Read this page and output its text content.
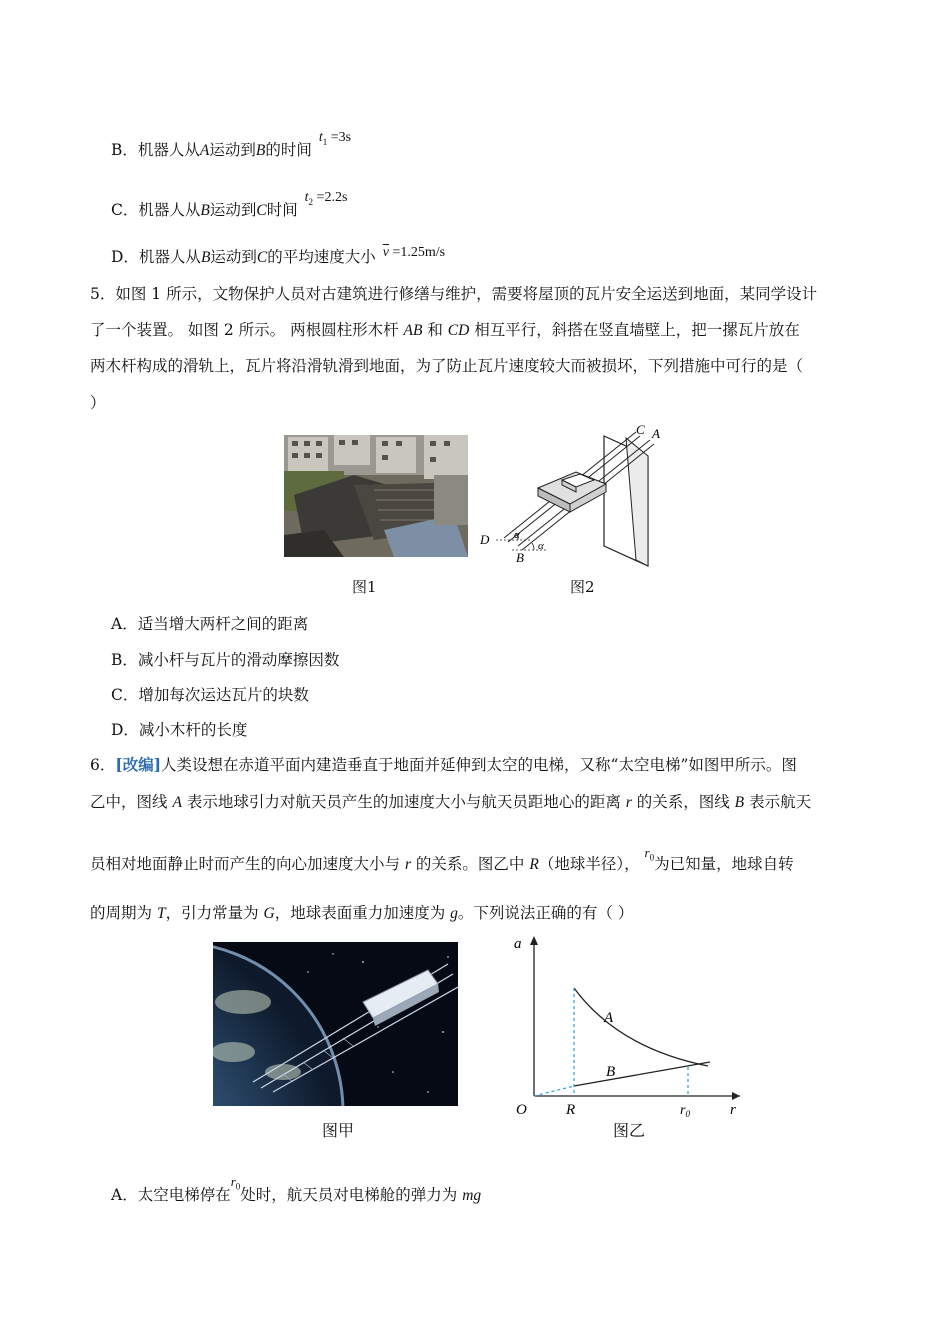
B．机器人从A运动到B的时间 $t_1 =3s$
C．机器人从B运动到C时间 $t_2 =2.2s$
D．机器人从B运动到C的平均速度大小 $\overline{v} =1.25m/s$
5．如图 1 所示，文物保护人员对古建筑进行修缮与维护，需要将屋顶的瓦片安全运送到地面，某同学设计
了一个装置。 如图 2 所示。 两根圆柱形木杆 AB 和 CD 相互平行，斜搭在竖直墙壁上，把一摞瓦片放在
两木杆构成的滑轨上，瓦片将沿滑轨滑到地面，为了防止瓦片速度较大而被损坏，下列措施中可行的是（
）
C A
D
B
α
α
图1	图2
A．适当增大两杆之间的距离
B．减小杆与瓦片的滑动摩擦因数
C．增加每次运达瓦片的块数
D．减小木杆的长度
6．[改编]人类设想在赤道平面内建造垂直于地面并延伸到太空的电梯，又称“太空电梯”如图甲所示。图
乙中，图线 A 表示地球引力对航天员产生的加速度大小与航天员距地心的距离 r 的关系，图线 B 表示航天
员相对地面静止时而产生的向心加速度大小与 r 的关系。图乙中 R（地球半径）， $^{r_0}$为已知量，地球自转
的周期为 T，引力常量为 G，地球表面重力加速度为 g。下列说法正确的有（ ）
图甲
a
O	R	$r_0$	r
A
B
图乙
A．太空电梯停在$^{r_0}$处时，航天员对电梯舱的弹力为 mg
